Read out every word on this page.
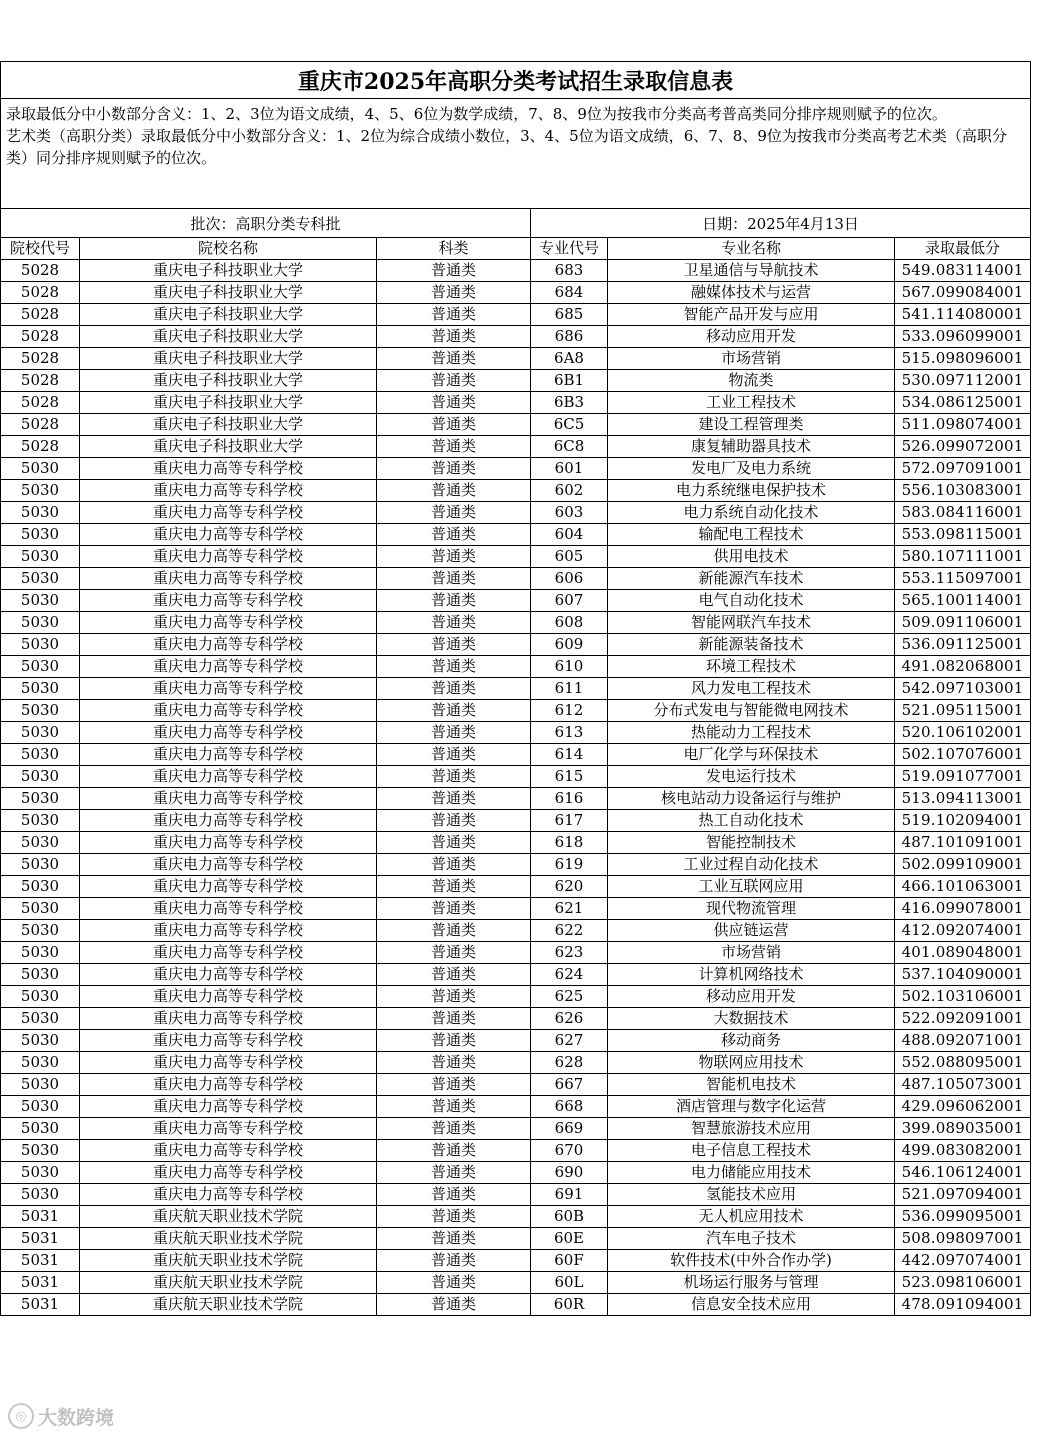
重庆市2025年高职分类考试招生录取信息表					

录取最低分中小数部分含义：1、2、3位为语文成绩，4、5、6位为数学成绩，7、8、9位为按我市分类高考普高类同分排序规则赋予的位次。

艺术类（高职分类）录取最低分中小数部分含义：1、2位为综合成绩小数位，3、4、5位为语文成绩，6、7、8、9位为按我市分类高考艺术类（高职分类）同分排序规则赋予的位次。					

批次：高职分类专科批			日期：2025年4月13日		
院校代号	院校名称	科类	专业代号	专业名称	录取最低分
5028	重庆电子科技职业大学	普通类	683	卫星通信与导航技术	549.083114001
5028	重庆电子科技职业大学	普通类	684	融媒体技术与运营	567.099084001
5028	重庆电子科技职业大学	普通类	685	智能产品开发与应用	541.114080001
5028	重庆电子科技职业大学	普通类	686	移动应用开发	533.096099001
5028	重庆电子科技职业大学	普通类	6A8	市场营销	515.098096001
5028	重庆电子科技职业大学	普通类	6B1	物流类	530.097112001
5028	重庆电子科技职业大学	普通类	6B3	工业工程技术	534.086125001
5028	重庆电子科技职业大学	普通类	6C5	建设工程管理类	511.098074001
5028	重庆电子科技职业大学	普通类	6C8	康复辅助器具技术	526.099072001
5030	重庆电力高等专科学校	普通类	601	发电厂及电力系统	572.097091001
5030	重庆电力高等专科学校	普通类	602	电力系统继电保护技术	556.103083001
5030	重庆电力高等专科学校	普通类	603	电力系统自动化技术	583.084116001
5030	重庆电力高等专科学校	普通类	604	输配电工程技术	553.098115001
5030	重庆电力高等专科学校	普通类	605	供用电技术	580.107111001
5030	重庆电力高等专科学校	普通类	606	新能源汽车技术	553.115097001
5030	重庆电力高等专科学校	普通类	607	电气自动化技术	565.100114001
5030	重庆电力高等专科学校	普通类	608	智能网联汽车技术	509.091106001
5030	重庆电力高等专科学校	普通类	609	新能源装备技术	536.091125001
5030	重庆电力高等专科学校	普通类	610	环境工程技术	491.082068001
5030	重庆电力高等专科学校	普通类	611	风力发电工程技术	542.097103001
5030	重庆电力高等专科学校	普通类	612	分布式发电与智能微电网技术	521.095115001
5030	重庆电力高等专科学校	普通类	613	热能动力工程技术	520.106102001
5030	重庆电力高等专科学校	普通类	614	电厂化学与环保技术	502.107076001
5030	重庆电力高等专科学校	普通类	615	发电运行技术	519.091077001
5030	重庆电力高等专科学校	普通类	616	核电站动力设备运行与维护	513.094113001
5030	重庆电力高等专科学校	普通类	617	热工自动化技术	519.102094001
5030	重庆电力高等专科学校	普通类	618	智能控制技术	487.101091001
5030	重庆电力高等专科学校	普通类	619	工业过程自动化技术	502.099109001
5030	重庆电力高等专科学校	普通类	620	工业互联网应用	466.101063001
5030	重庆电力高等专科学校	普通类	621	现代物流管理	416.099078001
5030	重庆电力高等专科学校	普通类	622	供应链运营	412.092074001
5030	重庆电力高等专科学校	普通类	623	市场营销	401.089048001
5030	重庆电力高等专科学校	普通类	624	计算机网络技术	537.104090001
5030	重庆电力高等专科学校	普通类	625	移动应用开发	502.103106001
5030	重庆电力高等专科学校	普通类	626	大数据技术	522.092091001
5030	重庆电力高等专科学校	普通类	627	移动商务	488.092071001
5030	重庆电力高等专科学校	普通类	628	物联网应用技术	552.088095001
5030	重庆电力高等专科学校	普通类	667	智能机电技术	487.105073001
5030	重庆电力高等专科学校	普通类	668	酒店管理与数字化运营	429.096062001
5030	重庆电力高等专科学校	普通类	669	智慧旅游技术应用	399.089035001
5030	重庆电力高等专科学校	普通类	670	电子信息工程技术	499.083082001
5030	重庆电力高等专科学校	普通类	690	电力储能应用技术	546.106124001
5030	重庆电力高等专科学校	普通类	691	氢能技术应用	521.097094001
5031	重庆航天职业技术学院	普通类	60B	无人机应用技术	536.099095001
5031	重庆航天职业技术学院	普通类	60E	汽车电子技术	508.098097001
5031	重庆航天职业技术学院	普通类	60F	软件技术(中外合作办学)	442.097074001
5031	重庆航天职业技术学院	普通类	60L	机场运行服务与管理	523.098106001
5031	重庆航天职业技术学院	普通类	60R	信息安全技术应用	478.091094001
◎ 大数跨境
